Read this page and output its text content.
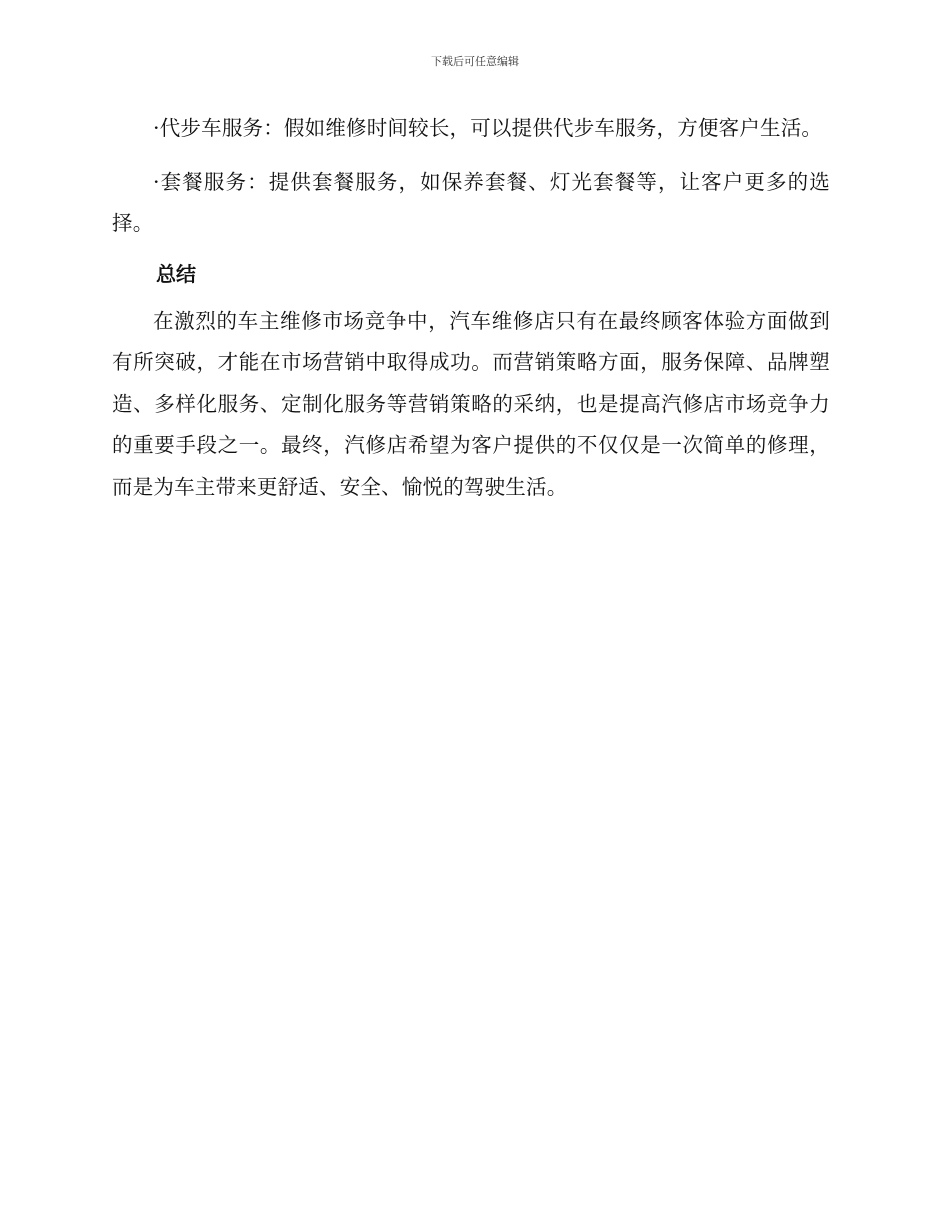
下载后可任意编辑

·代步车服务：假如维修时间较长，可以提供代步车服务，方便客户生活。

·套餐服务：提供套餐服务，如保养套餐、灯光套餐等，让客户更多的选择。

总结

在激烈的车主维修市场竞争中，汽车维修店只有在最终顾客体验方面做到有所突破，才能在市场营销中取得成功。而营销策略方面，服务保障、品牌塑造、多样化服务、定制化服务等营销策略的采纳，也是提高汽修店市场竞争力的重要手段之一。最终，汽修店希望为客户提供的不仅仅是一次简单的修理，而是为车主带来更舒适、安全、愉悦的驾驶生活。
